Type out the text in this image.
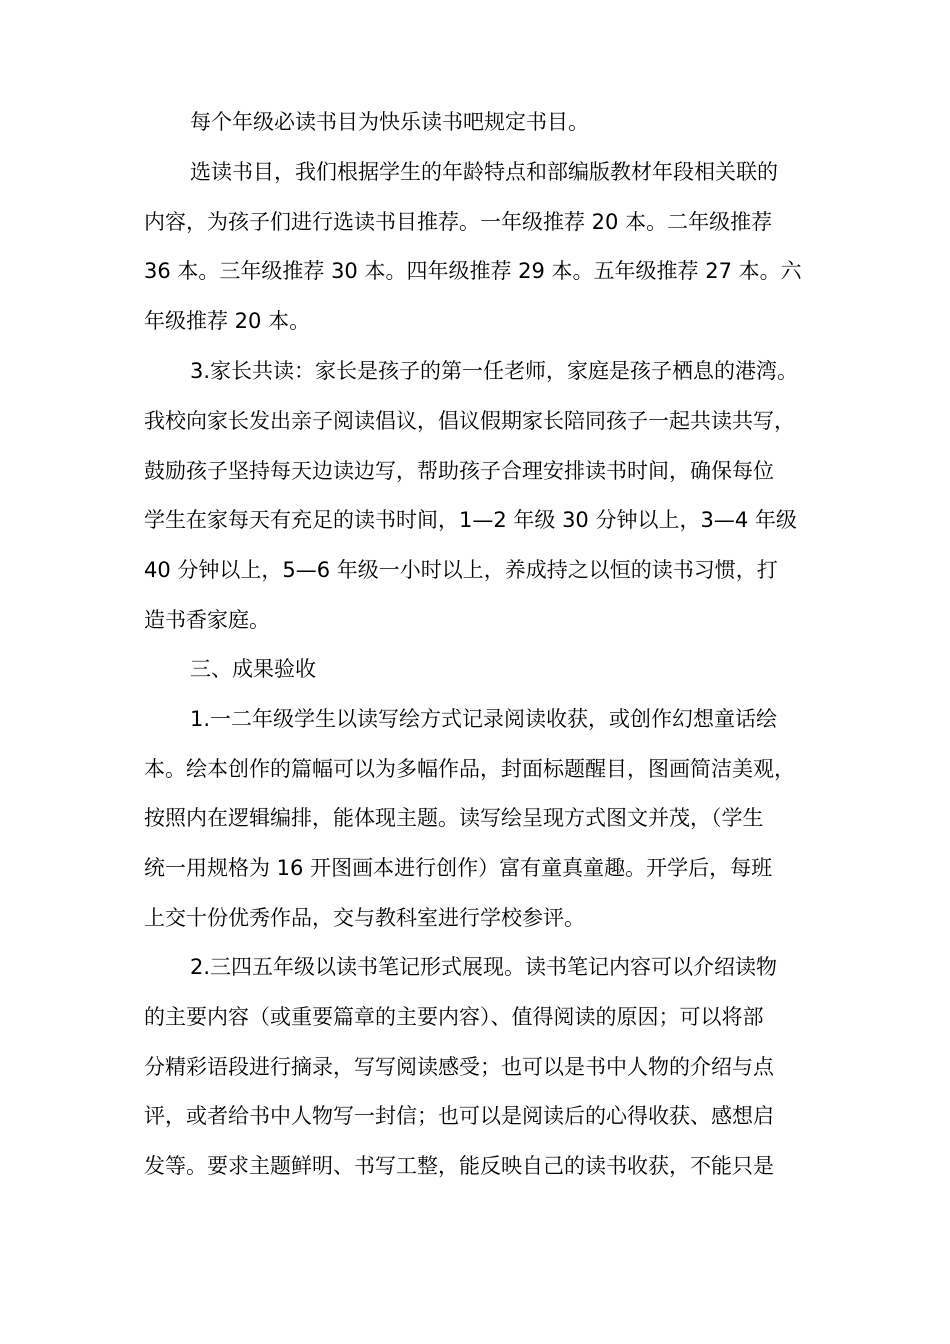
每个年级必读书目为快乐读书吧规定书目。
选读书目，我们根据学生的年龄特点和部编版教材年段相关联的
内容，为孩子们进行选读书目推荐。一年级推荐 20 本。二年级推荐
36 本。三年级推荐 30 本。四年级推荐 29 本。五年级推荐 27 本。六
年级推荐 20 本。
3.家长共读：家长是孩子的第一任老师，家庭是孩子栖息的港湾。
我校向家长发出亲子阅读倡议，倡议假期家长陪同孩子一起共读共写，
鼓励孩子坚持每天边读边写，帮助孩子合理安排读书时间，确保每位
学生在家每天有充足的读书时间，1—2 年级 30 分钟以上，3—4 年级
40 分钟以上，5—6 年级一小时以上，养成持之以恒的读书习惯，打
造书香家庭。
三、成果验收
1.一二年级学生以读写绘方式记录阅读收获，或创作幻想童话绘
本。绘本创作的篇幅可以为多幅作品，封面标题醒目，图画简洁美观，
按照内在逻辑编排，能体现主题。读写绘呈现方式图文并茂，（学生
统一用规格为 16 开图画本进行创作）富有童真童趣。开学后，每班
上交十份优秀作品，交与教科室进行学校参评。
2.三四五年级以读书笔记形式展现。读书笔记内容可以介绍读物
的主要内容（或重要篇章的主要内容）、值得阅读的原因；可以将部
分精彩语段进行摘录，写写阅读感受；也可以是书中人物的介绍与点
评，或者给书中人物写一封信；也可以是阅读后的心得收获、感想启
发等。要求主题鲜明、书写工整，能反映自己的读书收获，不能只是
